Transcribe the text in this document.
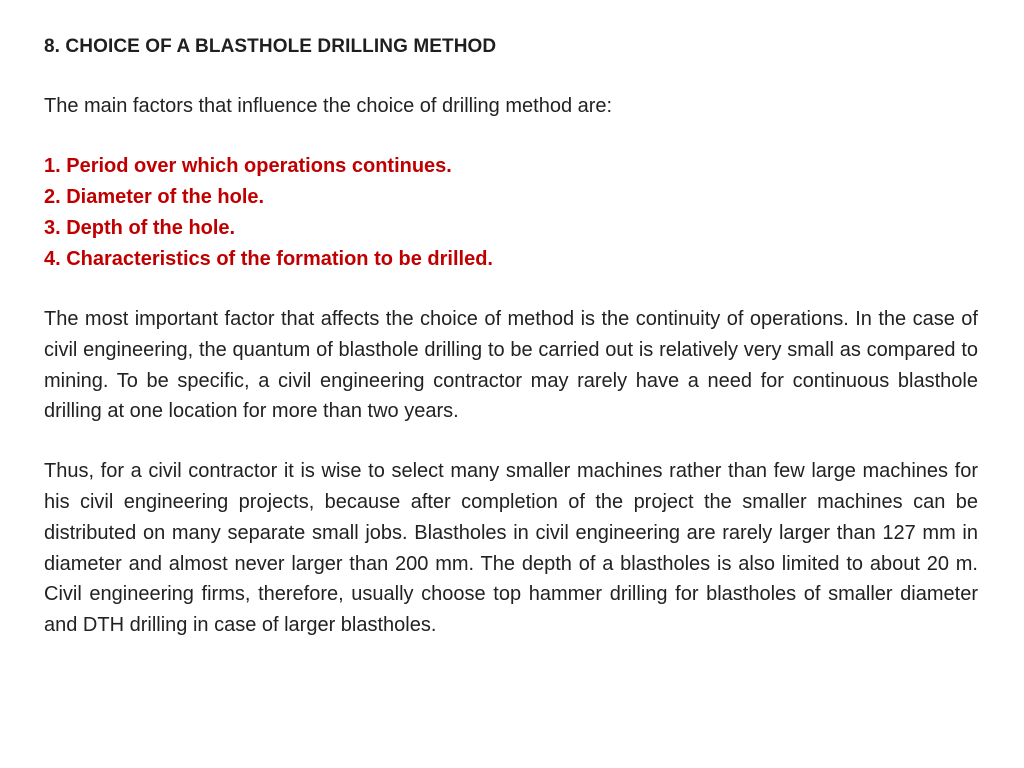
8. CHOICE OF A BLASTHOLE DRILLING METHOD

The main factors that influence the choice of drilling method are:

1. Period over which operations continues.
2. Diameter of the hole.
3. Depth of the hole.
4. Characteristics of the formation to be drilled.

The most important factor that affects the choice of method is the continuity of operations. In the case of civil engineering, the quantum of blasthole drilling to be carried out is relatively very small as compared to mining. To be specific, a civil engineering contractor may rarely have a need for continuous blasthole drilling at one location for more than two years.

Thus, for a civil contractor it is wise to select many smaller machines rather than few large machines for his civil engineering projects, because after completion of the project the smaller machines can be distributed on many separate small jobs. Blastholes in civil engineering are rarely larger than 127 mm in diameter and almost never larger than 200 mm. The depth of a blastholes is also limited to about 20 m. Civil engineering firms, therefore, usually choose top hammer drilling for blastholes of smaller diameter and DTH drilling in case of larger blastholes.
